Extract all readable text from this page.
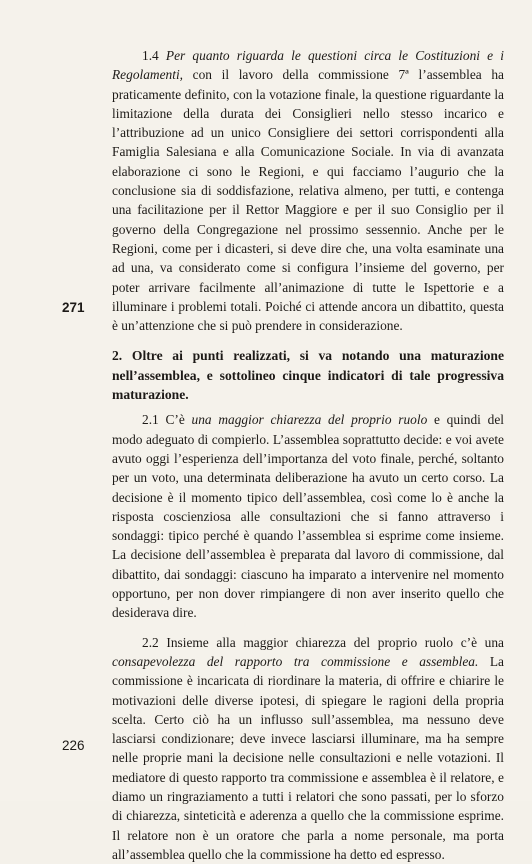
271

1.4 Per quanto riguarda le questioni circa le Costituzioni e i Regolamenti, con il lavoro della commissione 7ª l’assemblea ha praticamente definito, con la votazione finale, la questione riguardante la limitazione della durata dei Consiglieri nello stesso incarico e l’attribuzione ad un unico Consigliere dei settori corrispondenti alla Famiglia Salesiana e alla Comunicazione Sociale. In via di avanzata elaborazione ci sono le Regioni, e qui facciamo l’augurio che la conclusione sia di soddisfazione, relativa almeno, per tutti, e contenga una facilitazione per il Rettor Maggiore e per il suo Consiglio per il governo della Congregazione nel prossimo sessennio. Anche per le Regioni, come per i dicasteri, si deve dire che, una volta esaminate una ad una, va considerato come si configura l’insieme del governo, per poter arrivare facilmente all’animazione di tutte le Ispettorie e a illuminare i problemi totali. Poiché ci attende ancora un dibattito, questa è un’attenzione che si può prendere in considerazione.

2. Oltre ai punti realizzati, si va notando una maturazione nell’assemblea, e sottolineo cinque indicatori di tale progressiva maturazione.

2.1 C’è una maggior chiarezza del proprio ruolo e quindi del modo adeguato di compierlo. L’assemblea soprattutto decide: e voi avete avuto oggi l’esperienza dell’importanza del voto finale, perché, soltanto per un voto, una determinata deliberazione ha avuto un certo corso. La decisione è il momento tipico dell’assemblea, così come lo è anche la risposta coscienziosa alle consultazioni che si fanno attraverso i sondaggi: tipico perché è quando l’assemblea si esprime come insieme. La decisione dell’assemblea è preparata dal lavoro di commissione, dal dibattito, dai sondaggi: ciascuno ha imparato a intervenire nel momento opportuno, per non dover rimpiangere di non aver inserito quello che desiderava dire.

2.2 Insieme alla maggior chiarezza del proprio ruolo c’è una consapevolezza del rapporto tra commissione e assemblea. La commissione è incaricata di riordinare la materia, di offrire e chiarire le motivazioni delle diverse ipotesi, di spiegare le ragioni della propria scelta. Certo ciò ha un influsso sull’assemblea, ma nessuno deve lasciarsi condizionare; deve invece lasciarsi illuminare, ma ha sempre nelle proprie mani la decisione nelle consultazioni e nelle votazioni. Il mediatore di questo rapporto tra commissione e assemblea è il relatore, e diamo un ringraziamento a tutti i relatori che sono passati, per lo sforzo di chiarezza, sinteticità e aderenza a quello che la commissione esprime. Il relatore non è un oratore che parla a nome personale, ma porta all’assemblea quello che la commissione ha detto ed espresso.

226
